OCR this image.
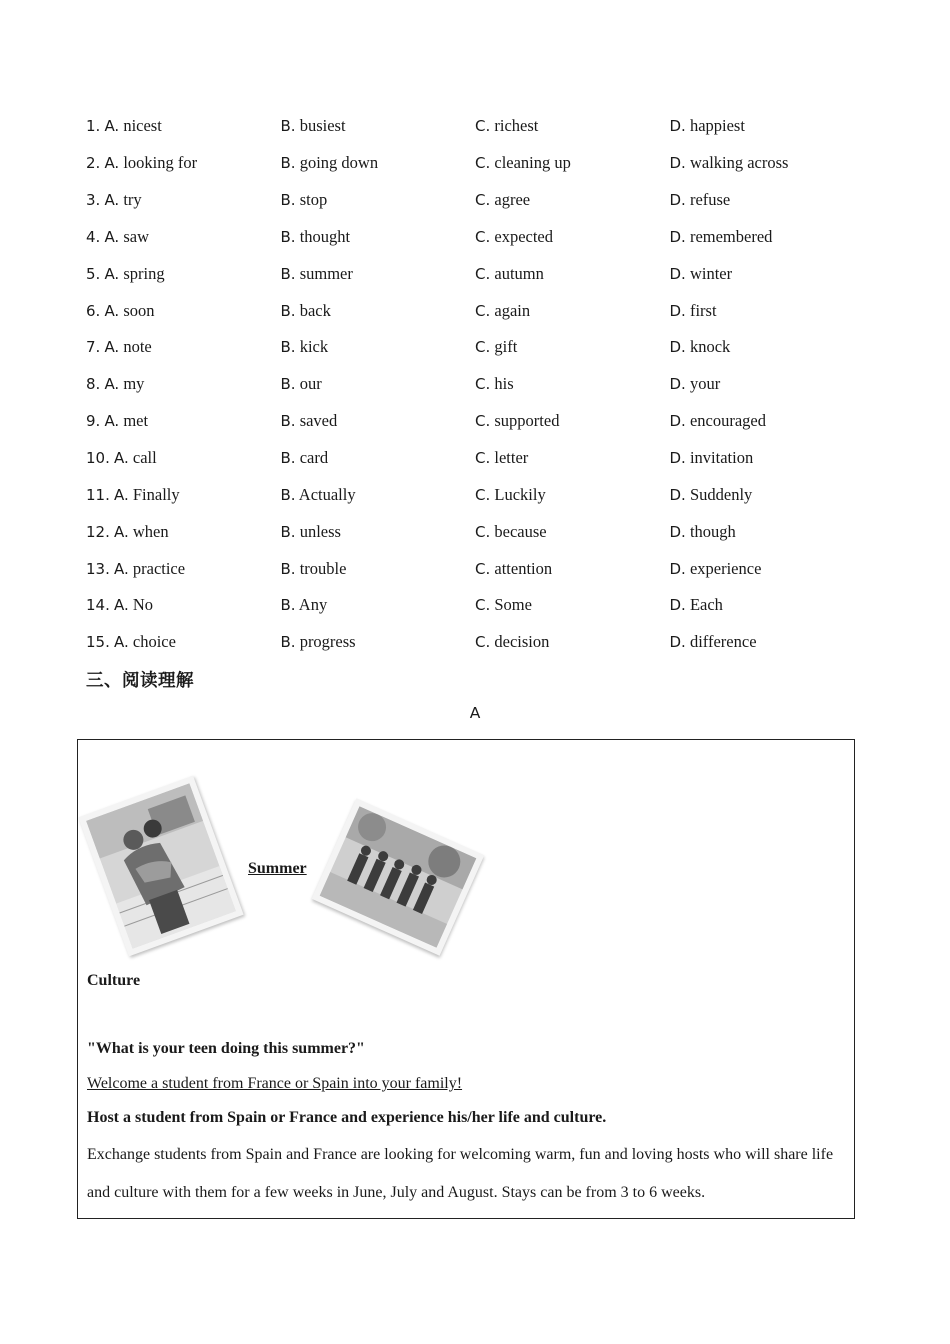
1. A. nicest	B. busiest	C. richest	D. happiest
2. A. looking for	B. going down	C. cleaning up	D. walking across
3. A. try	B. stop	C. agree	D. refuse
4. A. saw	B. thought	C. expected	D. remembered
5. A. spring	B. summer	C. autumn	D. winter
6. A. soon	B. back	C. again	D. first
7. A. note	B. kick	C. gift	D. knock
8. A. my	B. our	C. his	D. your
9. A. met	B. saved	C. supported	D. encouraged
10. A. call	B. card	C. letter	D. invitation
11. A. Finally	B. Actually	C. Luckily	D. Suddenly
12. A. when	B. unless	C. because	D. though
13. A. practice	B. trouble	C. attention	D. experience
14. A. No	B. Any	C. Some	D. Each
15. A. choice	B. progress	C. decision	D. difference
三、阅读理解
A
Summer
Culture
"What is your teen doing this summer?"
Welcome a student from France or Spain into your family!
Host a student from Spain or France and experience his/her life and culture.
Exchange students from Spain and France are looking for welcoming warm, fun and loving hosts who will share life and culture with them for a few weeks in June, July and August. Stays can be from 3 to 6 weeks.
